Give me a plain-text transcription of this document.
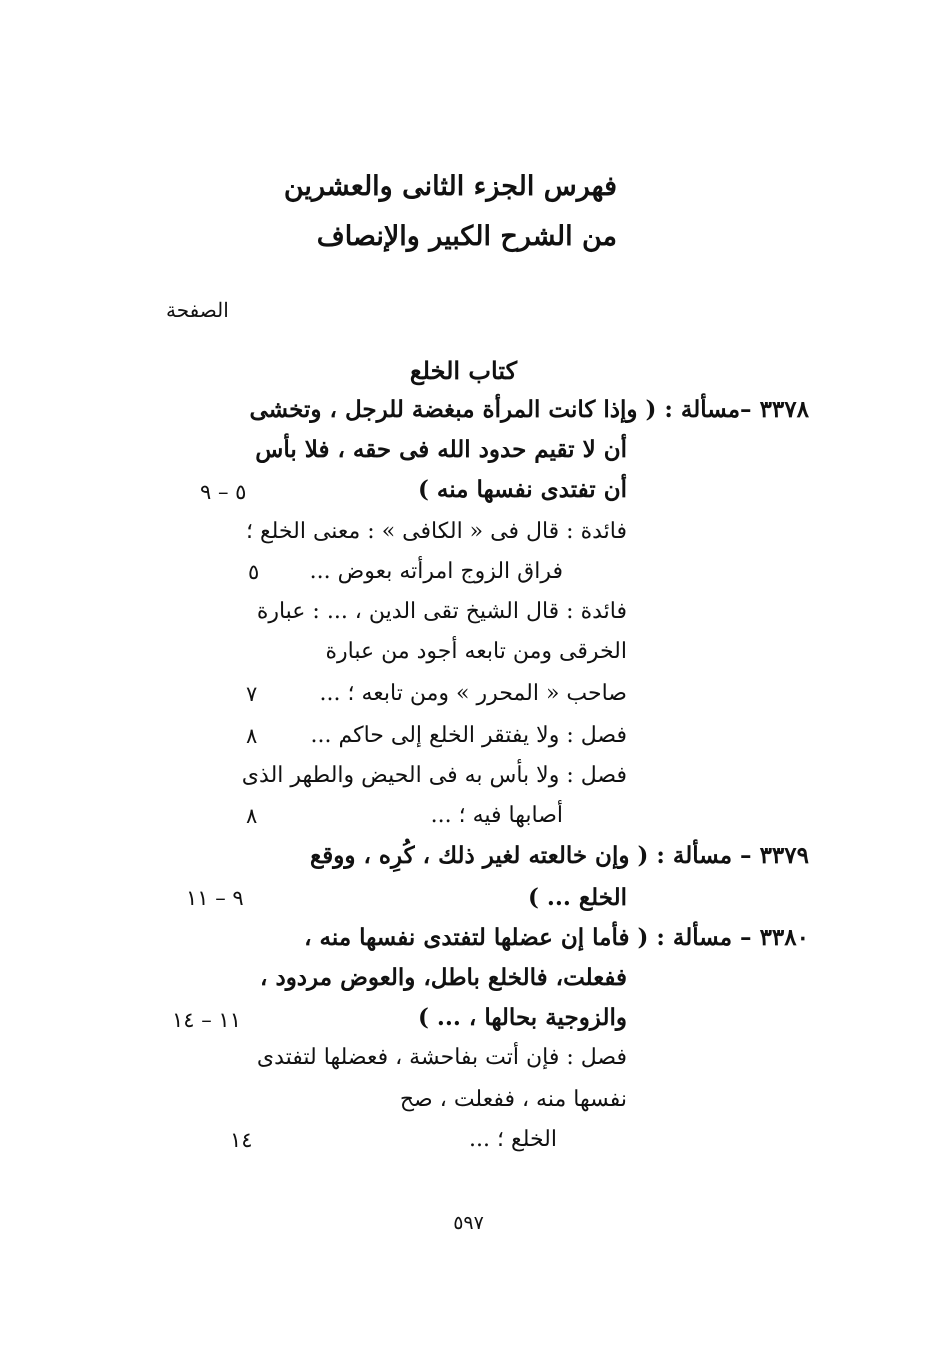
فهرس الجزء الثانى والعشرين
من الشرح الكبير والإنصاف
الصفحة
كتاب الخلع
٣٣٧٨ –مسألة : ( وإذا كانت المرأة مبغضة للرجل ، وتخشى
أن لا تقيم حدود الله فى حقه ، فلا بأس
أن تفتدى نفسها منه )
٥ – ٩
فائدة : قال فى « الكافى » : معنى الخلع ؛
فراق الزوج امرأته بعوض ...
٥
فائدة : قال الشيخ تقى الدين ، ... : عبارة
الخرقى ومن تابعه أجود من عبارة
صاحب « المحرر » ومن تابعه ؛ ...
٧
فصل : ولا يفتقر الخلع إلى حاكم ...
٨
فصل : ولا بأس به فى الحيض والطهر الذى
أصابها فيه ؛ ...
٨
٣٣٧٩ – مسألة : ( وإن خالعته لغير ذلك ، كُرِه ، ووقع
الخلع ... )
٩ – ١١
٣٣٨٠ – مسألة : ( فأما إن عضلها لتفتدى نفسها منه ،
ففعلت، فالخلع باطل، والعوض مردود ،
والزوجية بحالها ، ... )
١١ – ١٤
فصل : فإن أتت بفاحشة ، فعضلها لتفتدى
نفسها منه ، ففعلت ، صح
الخلع ؛ ...
١٤
٥٩٧
